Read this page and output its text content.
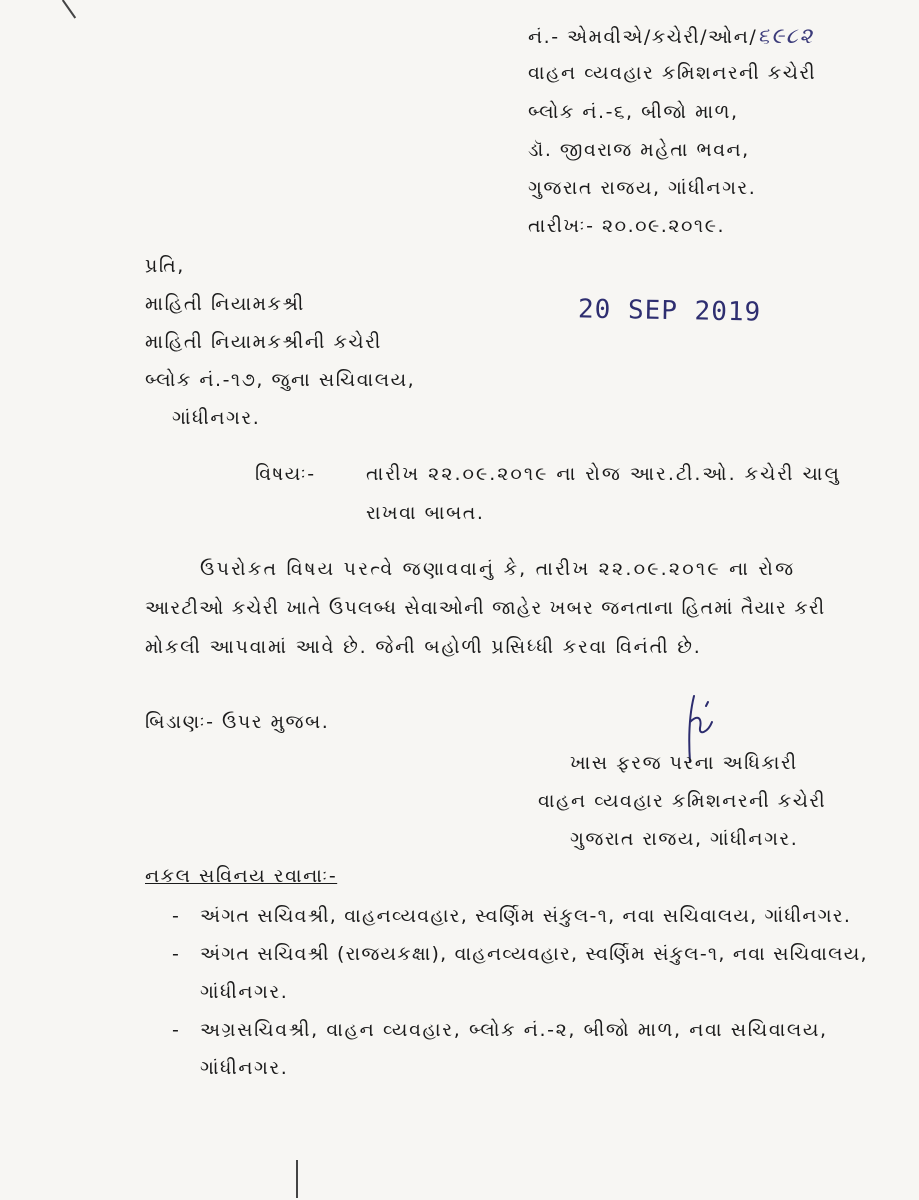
નં.- એમવીએ/કચેરી/ઓન/૬૯૮૨
વાહન વ્યવહાર કમિશનરની કચેરી
બ્લોક નં.-૬, બીજો માળ,
ડૉ. જીવરાજ મહેતા ભવન,
ગુજરાત રાજય, ગાંધીનગર.
તારીખઃ- ૨૦.૦૯.૨૦૧૯.
પ્રતિ,
માહિતી નિયામકશ્રી
માહિતી નિયામકશ્રીની કચેરી
બ્લોક નં.-૧૭, જુના સચિવાલય,
ગાંધીનગર.
20 SEP 2019
વિષયઃ-	તારીખ ૨૨.૦૯.૨૦૧૯ ના રોજ આર.ટી.ઓ. કચેરી ચાલુ
રાખવા બાબત.
ઉપરોકત વિષય પરત્વે જણાવવાનું કે, તારીખ ૨૨.૦૯.૨૦૧૯ ના રોજ
આરટીઓ કચેરી ખાતે ઉપલબ્ધ સેવાઓની જાહેર ખબર જનતાના હિતમાં તૈયાર કરી
મોકલી આપવામાં આવે છે. જેની બહોળી પ્રસિધ્ધી કરવા વિનંતી છે.
બિડાણઃ- ઉપર મુજબ.
ખાસ ફરજ પરના અધિકારી
વાહન વ્યવહાર કમિશનરની કચેરી
ગુજરાત રાજય, ગાંધીનગર.
નકલ સવિનય રવાનાઃ-
- અંગત સચિવશ્રી, વાહનવ્યવહાર, સ્વર્ણિમ સંકુલ-૧, નવા સચિવાલય, ગાંધીનગર.
- અંગત સચિવશ્રી (રાજયકક્ષા), વાહનવ્યવહાર, સ્વર્ણિમ સંકુલ-૧, નવા સચિવાલય,
ગાંધીનગર.
- અગ્રસચિવશ્રી, વાહન વ્યવહાર, બ્લોક નં.-૨, બીજો માળ, નવા સચિવાલય,
ગાંધીનગર.
